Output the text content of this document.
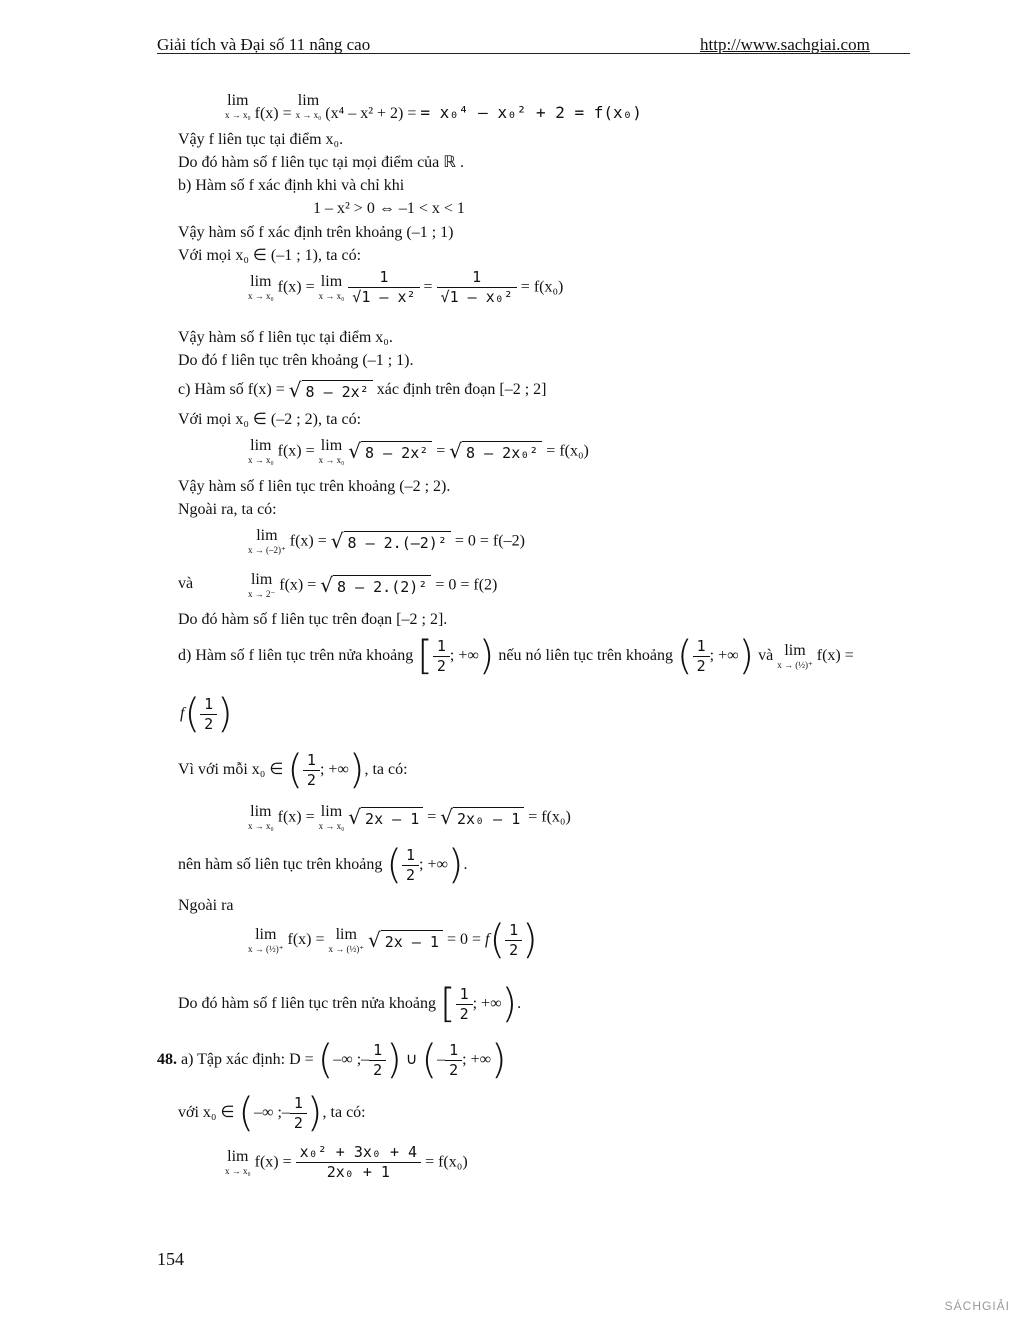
Giải tích và Đại số 11 nâng cao	http://www.sachgiai.com
lim
x → x₀ f(x) =
lim
x → x₀ (x⁴ – x² + 2) = = x₀⁴ – x₀² + 2 = f(x₀)
Vậy f liên tục tại điểm x₀.
Do đó hàm số f liên tục tại mọi điểm của ℝ .
b) Hàm số f xác định khi và chỉ khi
1 – x² > 0 ⇔ –1 < x < 1
Vậy hàm số f xác định trên khoảng (–1 ; 1)
Với mọi x₀ ∈ (–1 ; 1), ta có:
lim
x → x₀
f(x) = lim
x → x₀
$\frac{1}{\text{√1 – x²}} = \frac{1}{\text{√1 – x₀²}} = f(x_0)$
Vậy hàm số f liên tục tại điểm x₀.
Do đó f liên tục trên khoảng (–1 ; 1).
c) Hàm số f(x) = √ 8 – 2x² xác định trên đoạn [–2 ; 2]
Với mọi x₀ ∈ (–2 ; 2), ta có:
lim
x → x₀
f(x) = lim
x → x₀ √ 8 – 2x² = √ 8 – 2x₀² = f(x₀)
Vậy hàm số f liên tục trên khoảng (–2 ; 2).
Ngoài ra, ta có:
lim
x → (–2)⁺
f(x) = √ 8 – 2.(–2)² = 0 = f(–2)
và	lim
x → 2⁻
f(x) = √ 8 – 2.(2)² = 0 = f(2)
Do đó hàm số f liên tục trên đoạn [–2 ; 2].
d) Hàm số f liên tục trên nửa khoảng [ $\frac{1}{2}$ ; +∞) nếu nó liên tục trên khoảng ( $\frac{1}{2}$ ; +∞) và lim
x → (½)⁺
f(x) =
$f( \frac{1}{2}$ )
Vì với mỗi x₀ ∈ ( $\frac{1}{2}$ ; +∞), ta có:
lim
x → x₀
f(x) = lim
x → x₀ √ 2x – 1 = √ 2x₀ – 1 = f(x₀)
nên hàm số liên tục trên khoảng ( $\frac{1}{2}$ ; +∞).
Ngoài ra
lim
x → (½)⁺
f(x) = lim
x → (½)⁺ √ $2x - 1 = 0 = f( \frac{1}{2}$ )
Do đó hàm số f liên tục trên nửa khoảng [ $\frac{1}{2}$ ; +∞).
48. a) Tập xác định: D = (–∞ ;– $\frac{1}{2}$ ) ∪ (– $\frac{1}{2}$ ; +∞)
với x₀ ∈ (–∞ ;– $\frac{1}{2}$ ), ta có:
lim
x → x₀
$f(x) = \frac{\text{x₀² + 3x₀ + 4}}{\text{2x₀ + 1}} = f(x_0)$
154
SÁCHGIẢI
